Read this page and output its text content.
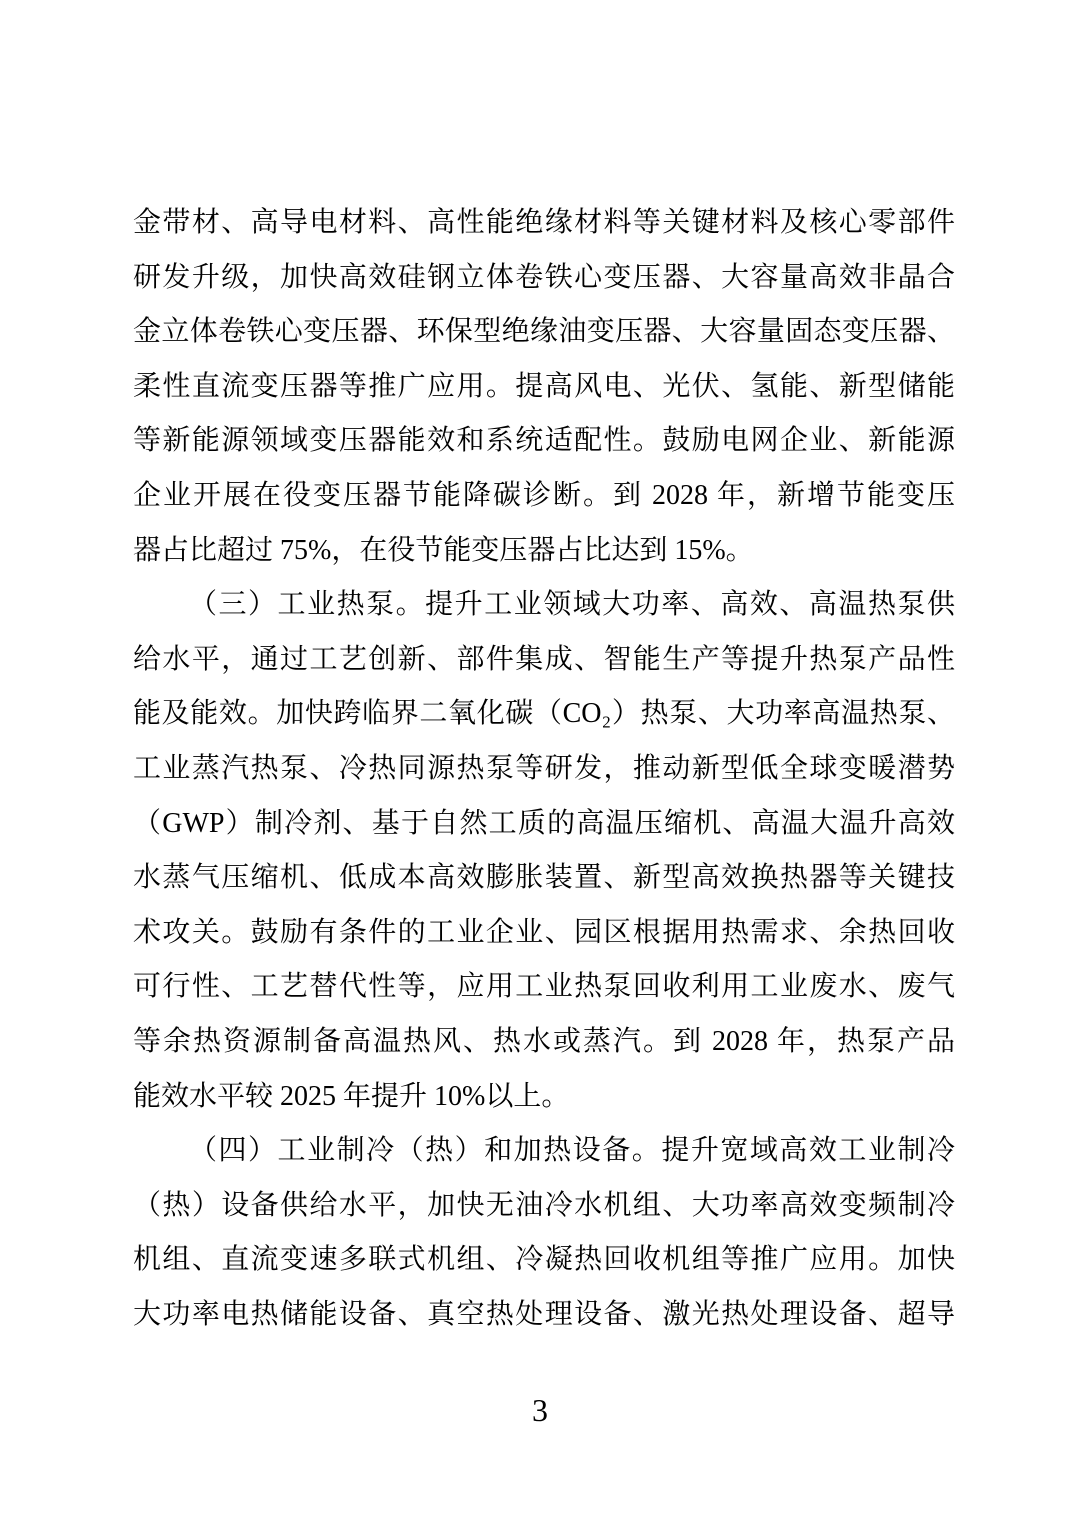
金带材、高导电材料、高性能绝缘材料等关键材料及核心零部件

研发升级，加快高效硅钢立体卷铁心变压器、大容量高效非晶合

金立体卷铁心变压器、环保型绝缘油变压器、大容量固态变压器、

柔性直流变压器等推广应用。提高风电、光伏、氢能、新型储能

等新能源领域变压器能效和系统适配性。鼓励电网企业、新能源

企业开展在役变压器节能降碳诊断。到 2028 年，新增节能变压

器占比超过 75%，在役节能变压器占比达到 15%。

（三）工业热泵。提升工业领域大功率、高效、高温热泵供

给水平，通过工艺创新、部件集成、智能生产等提升热泵产品性

能及能效。加快跨临界二氧化碳（CO₂）热泵、大功率高温热泵、

工业蒸汽热泵、冷热同源热泵等研发，推动新型低全球变暖潜势

（GWP）制冷剂、基于自然工质的高温压缩机、高温大温升高效

水蒸气压缩机、低成本高效膨胀装置、新型高效换热器等关键技

术攻关。鼓励有条件的工业企业、园区根据用热需求、余热回收

可行性、工艺替代性等，应用工业热泵回收利用工业废水、废气

等余热资源制备高温热风、热水或蒸汽。到 2028 年，热泵产品

能效水平较 2025 年提升 10%以上。

（四）工业制冷（热）和加热设备。提升宽域高效工业制冷

（热）设备供给水平，加快无油冷水机组、大功率高效变频制冷

机组、直流变速多联式机组、冷凝热回收机组等推广应用。加快

大功率电热储能设备、真空热处理设备、激光热处理设备、超导

3
